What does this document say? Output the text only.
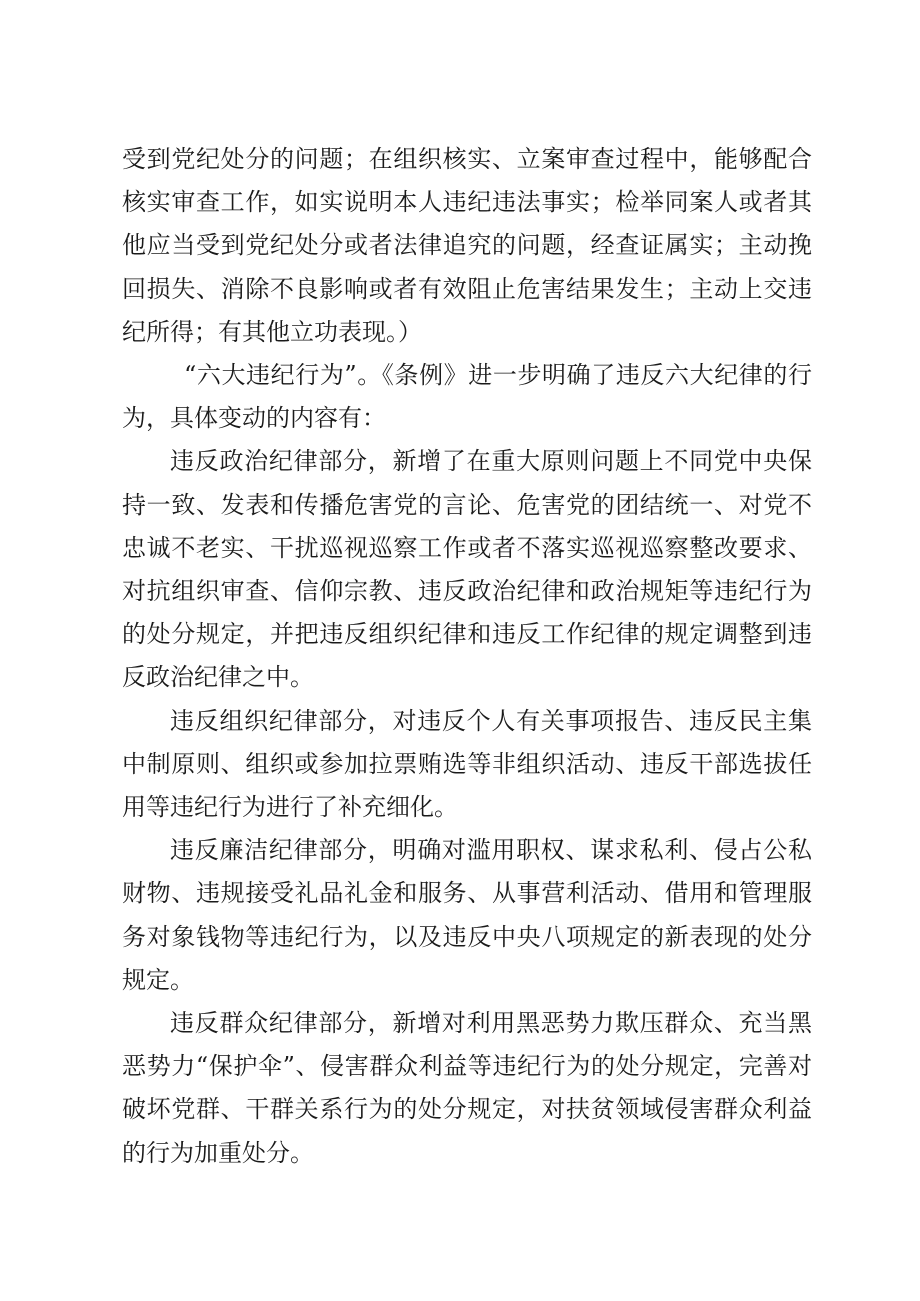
受到党纪处分的问题；在组织核实、立案审查过程中，能够配合核实审查工作，如实说明本人违纪违法事实；检举同案人或者其他应当受到党纪处分或者法律追究的问题，经查证属实；主动挽回损失、消除不良影响或者有效阻止危害结果发生；主动上交违纪所得；有其他立功表现。）

“六大违纪行为”。《条例》进一步明确了违反六大纪律的行为，具体变动的内容有：

违反政治纪律部分，新增了在重大原则问题上不同党中央保持一致、发表和传播危害党的言论、危害党的团结统一、对党不忠诚不老实、干扰巡视巡察工作或者不落实巡视巡察整改要求、对抗组织审查、信仰宗教、违反政治纪律和政治规矩等违纪行为的处分规定，并把违反组织纪律和违反工作纪律的规定调整到违反政治纪律之中。

违反组织纪律部分，对违反个人有关事项报告、违反民主集中制原则、组织或参加拉票贿选等非组织活动、违反干部选拔任用等违纪行为进行了补充细化。

违反廉洁纪律部分，明确对滥用职权、谋求私利、侵占公私财物、违规接受礼品礼金和服务、从事营利活动、借用和管理服务对象钱物等违纪行为，以及违反中央八项规定的新表现的处分规定。

违反群众纪律部分，新增对利用黑恶势力欺压群众、充当黑恶势力“保护伞”、侵害群众利益等违纪行为的处分规定，完善对破坏党群、干群关系行为的处分规定，对扶贫领域侵害群众利益的行为加重处分。
